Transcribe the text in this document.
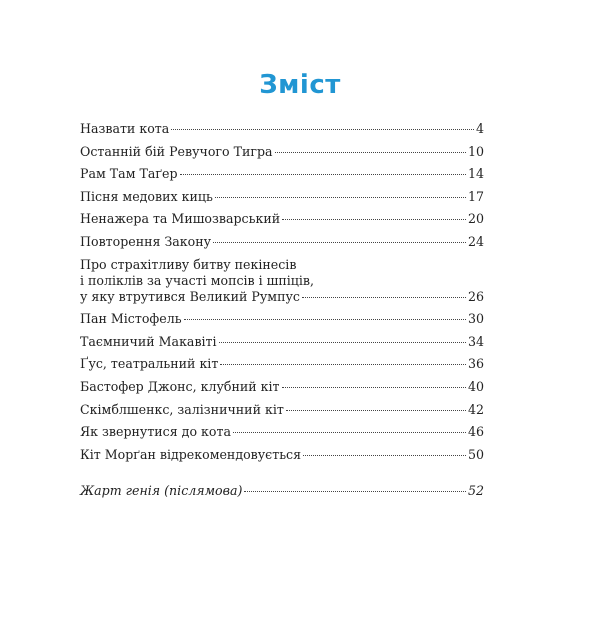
Зміст
Назвати кота	4
Останній бій Ревучого Тигра	10
Рам Там Таґер	14
Пісня медових киць	17
Ненажера та Мишозварський	20
Повторення Закону	24
Про страхітливу битву пекінесів
і поліклів за участі мопсів і шпіців,
у яку втрутився Великий Румпус	26
Пан Містофель	30
Таємничий Макавіті	34
Ґус, театральний кіт	36
Бастофер Джонс, клубний кіт	40
Скімблшенкс, залізничний кіт	42
Як звернутися до кота	46
Кіт Морґан відрекомендовується	50
Жарт генія (післямова)	52
